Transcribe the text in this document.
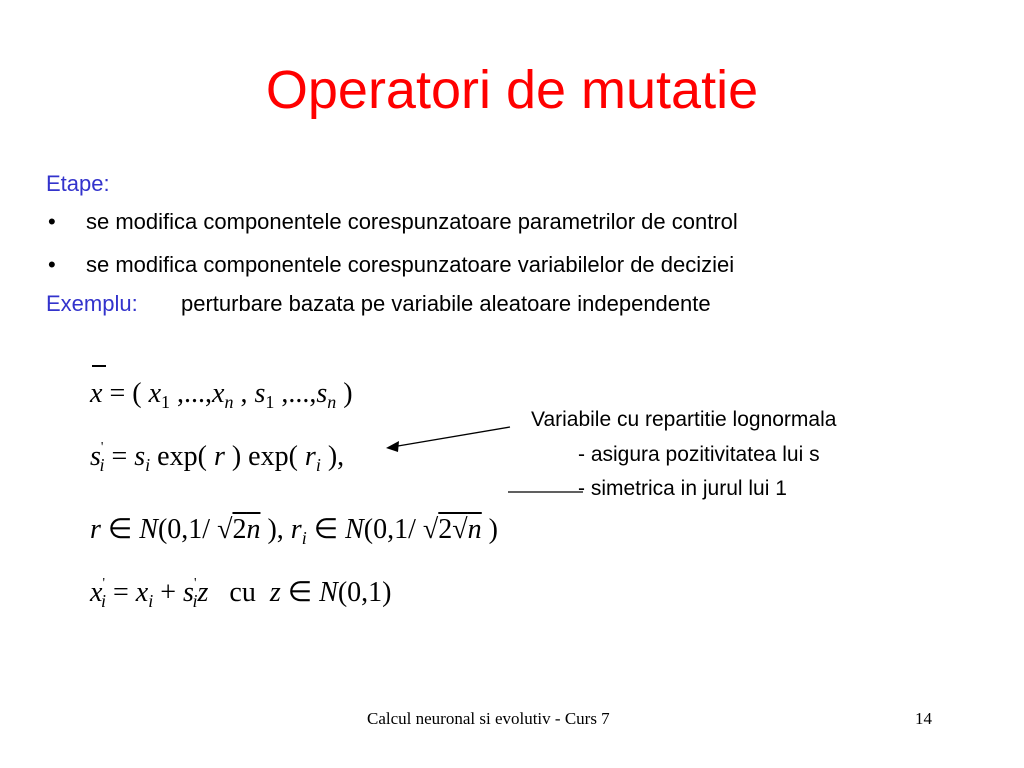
Operatori de mutatie
Etape:
• se modifica componentele corespunzatoare parametrilor de control
• se modifica componentele corespunzatoare variabilelor de deciziei
Exemplu: perturbare bazata pe variabile aleatoare independente
x = ( $x_1$ $,...,x_n$ , $s_1$ $,...,s_n$ )
$s'_i = s_i$ exp( r ) exp( $r_i$ ),
r ∈ N(0,1/ √2n ), $r_i$ ∈ N(0,1/ √2√n )
$x'_i = x_i + s'_iz$ cu z ∈ N(0,1)
Variabile cu repartitie lognormala
- asigura pozitivitatea lui s
- simetrica in jurul lui 1
Calcul neuronal si evolutiv - Curs 7	14
